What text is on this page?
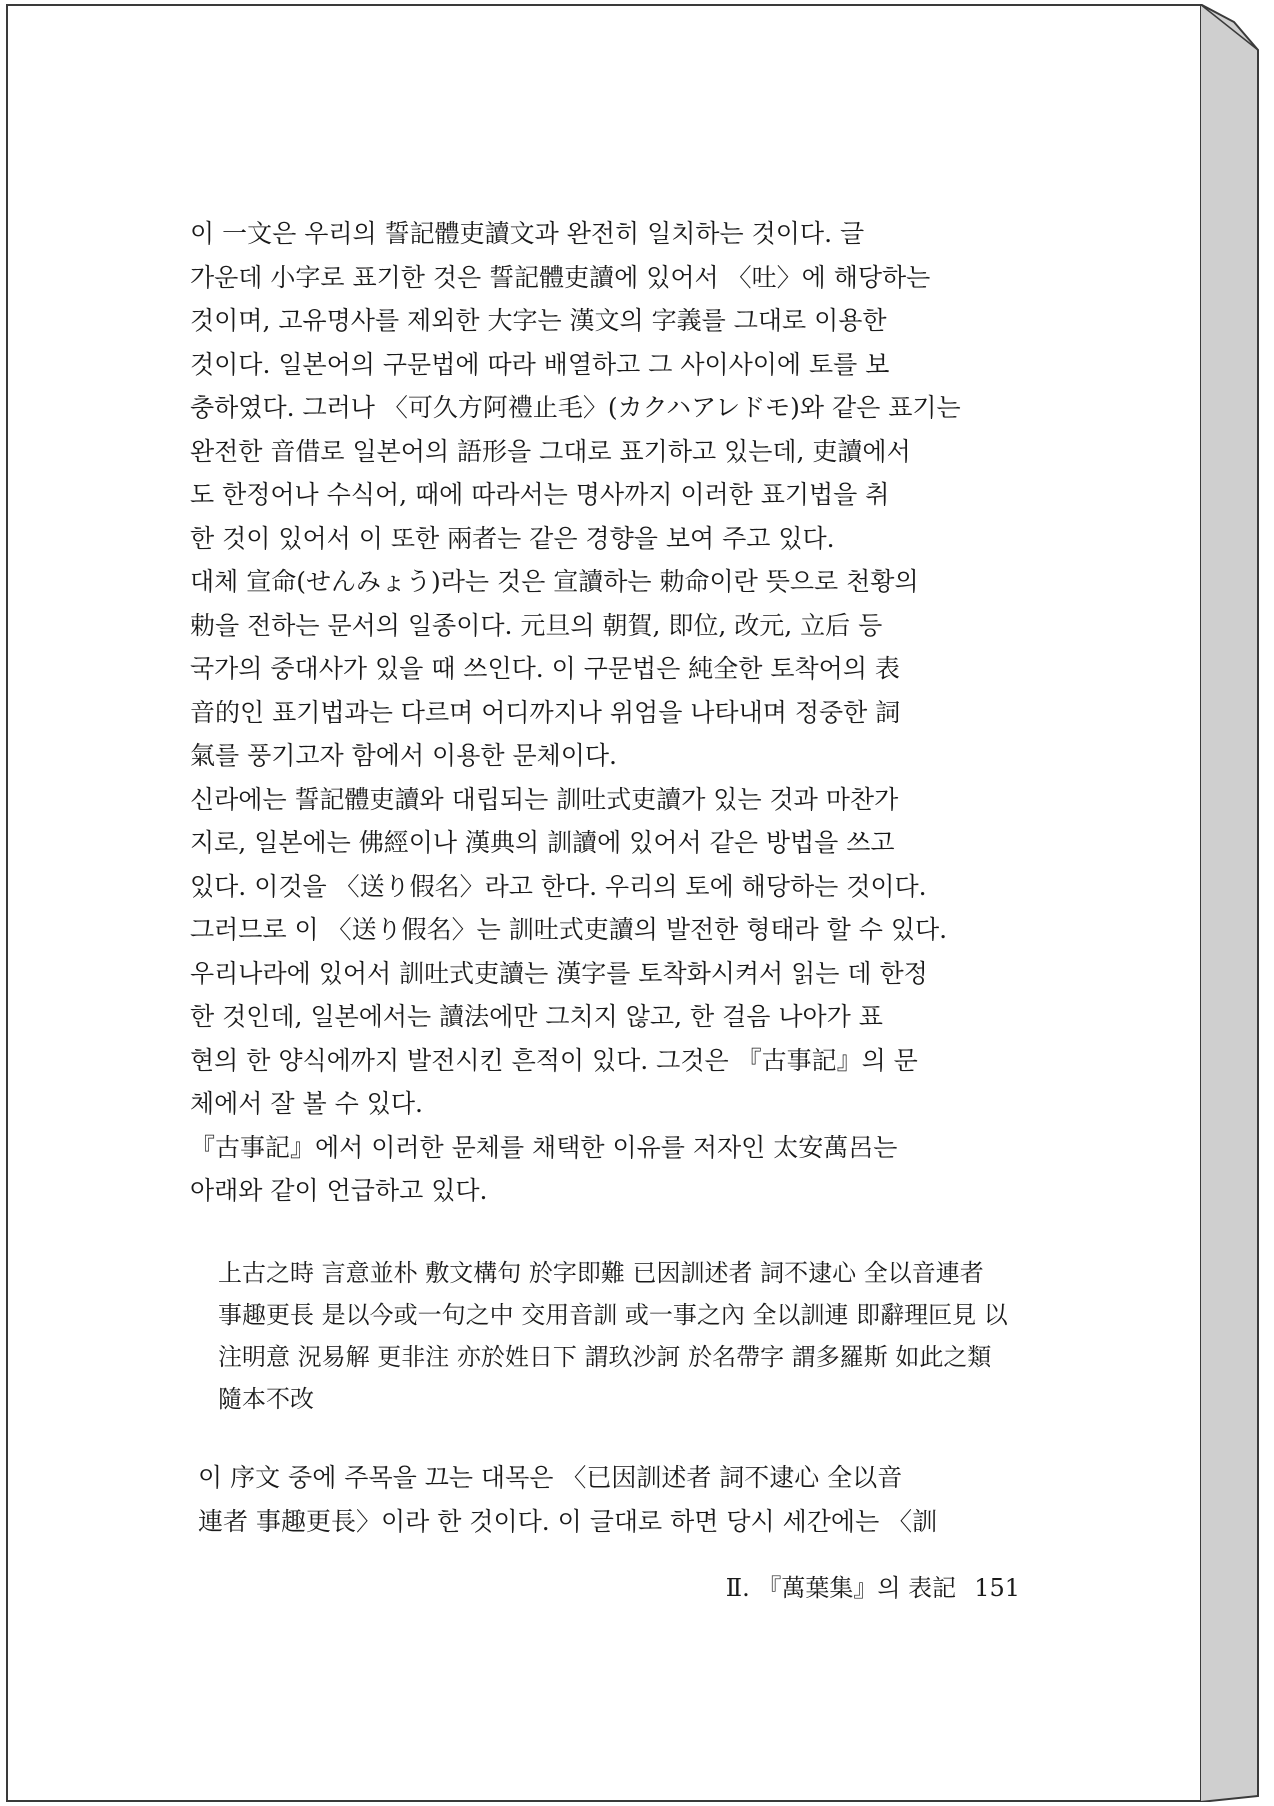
이 一文은 우리의 誓記體吏讀文과 완전히 일치하는 것이다. 글
가운데 小字로 표기한 것은 誓記體吏讀에 있어서 〈吐〉에 해당하는
것이며, 고유명사를 제외한 大字는 漢文의 字義를 그대로 이용한
것이다. 일본어의 구문법에 따라 배열하고 그 사이사이에 토를 보
충하였다. 그러나 〈可久方阿禮止毛〉(カクハアレドモ)와 같은 표기는
완전한 音借로 일본어의 語形을 그대로 표기하고 있는데, 吏讀에서
도 한정어나 수식어, 때에 따라서는 명사까지 이러한 표기법을 취
한 것이 있어서 이 또한 兩者는 같은 경향을 보여 주고 있다.
대체 宣命(せんみょう)라는 것은 宣讀하는 勅命이란 뜻으로 천황의
勅을 전하는 문서의 일종이다. 元旦의 朝賀, 即位, 改元, 立后 등
국가의 중대사가 있을 때 쓰인다. 이 구문법은 純全한 토착어의 表
音的인 표기법과는 다르며 어디까지나 위엄을 나타내며 정중한 詞
氣를 풍기고자 함에서 이용한 문체이다.
신라에는 誓記體吏讀와 대립되는 訓吐式吏讀가 있는 것과 마찬가
지로, 일본에는 佛經이나 漢典의 訓讀에 있어서 같은 방법을 쓰고
있다. 이것을 〈送り假名〉라고 한다. 우리의 토에 해당하는 것이다.
그러므로 이 〈送り假名〉는 訓吐式吏讀의 발전한 형태라 할 수 있다.
우리나라에 있어서 訓吐式吏讀는 漢字를 토착화시켜서 읽는 데 한정
한 것인데, 일본에서는 讀法에만 그치지 않고, 한 걸음 나아가 표
현의 한 양식에까지 발전시킨 흔적이 있다. 그것은 『古事記』의 문
체에서 잘 볼 수 있다.
『古事記』에서 이러한 문체를 채택한 이유를 저자인 太安萬呂는
아래와 같이 언급하고 있다.

上古之時 言意並朴 敷文構句 於字即難 已因訓述者 詞不逮心 全以音連者

事趣更長 是以今或一句之中 交用音訓 或一事之內 全以訓連 即辭理叵見 以

注明意 況易解 更非注 亦於姓日下 謂玖沙訶 於名帶字 謂多羅斯 如此之類

隨本不改

이 序文 중에 주목을 끄는 대목은 〈已因訓述者 詞不逮心 全以音

連者 事趣更長〉이라 한 것이다. 이 글대로 하면 당시 세간에는 〈訓

Ⅱ. 『萬葉集』의 表記 151
